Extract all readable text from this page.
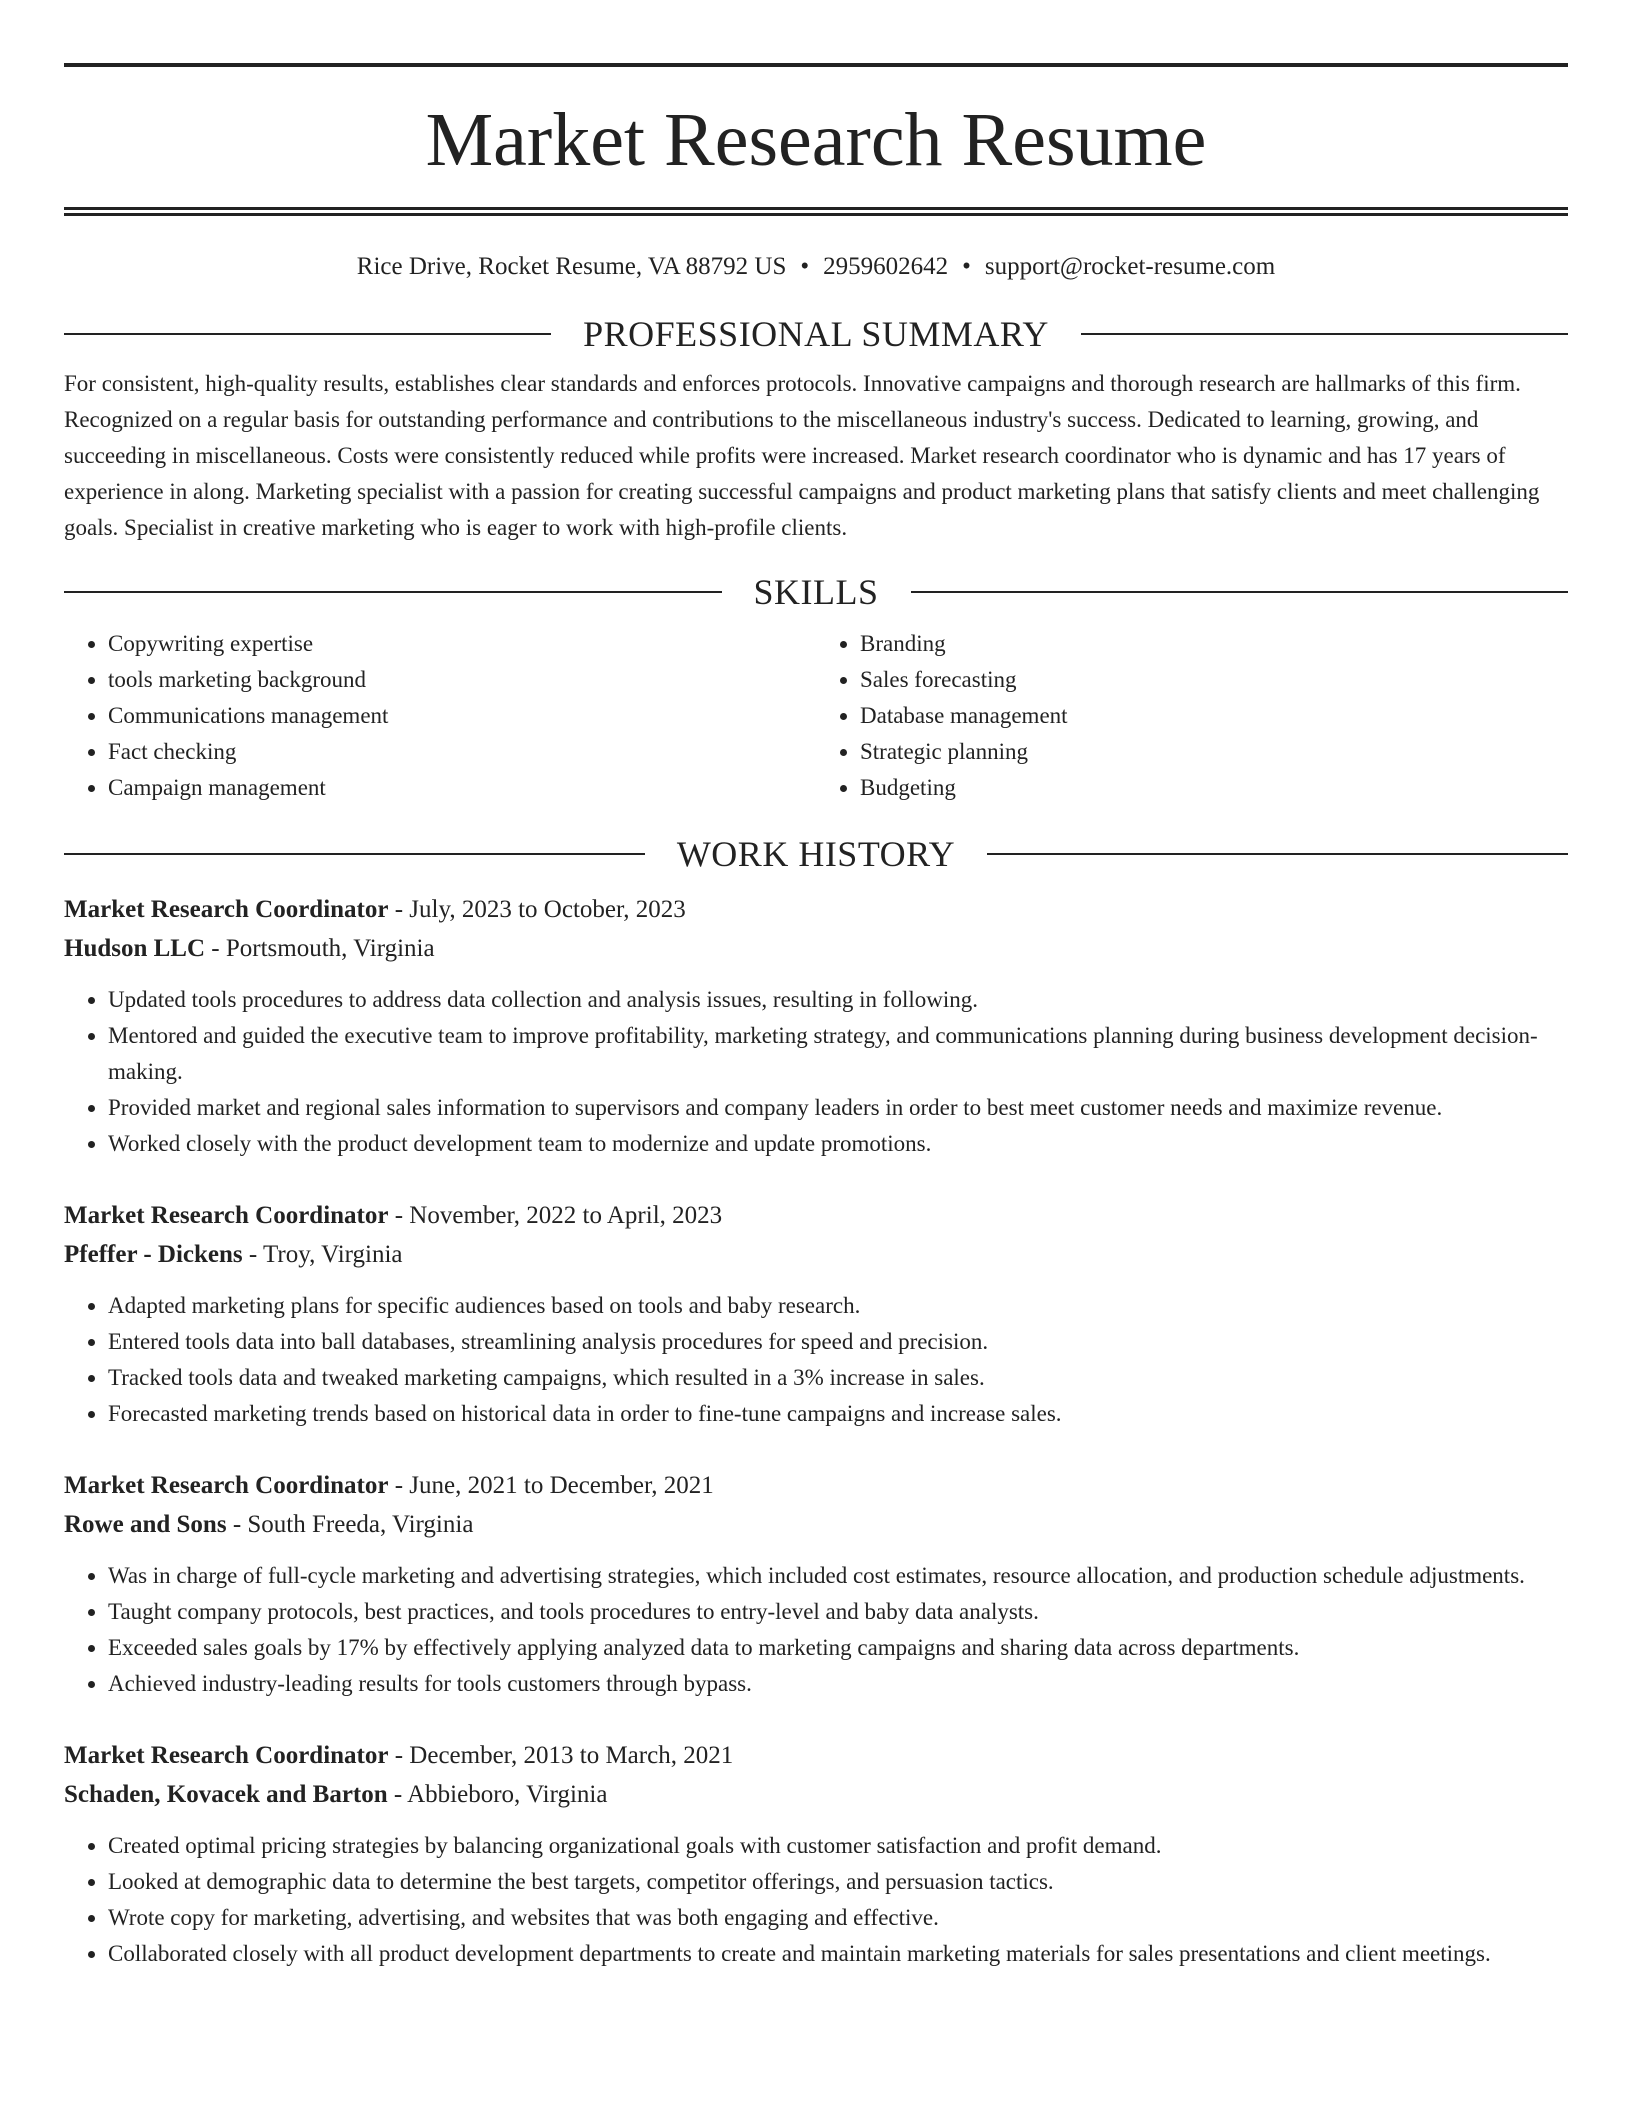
Market Research Resume
Rice Drive, Rocket Resume, VA 88792 US • 2959602642 • support@rocket-resume.com
PROFESSIONAL SUMMARY

For consistent, high-quality results, establishes clear standards and enforces protocols. Innovative campaigns and thorough research are hallmarks of this firm. Recognized on a regular basis for outstanding performance and contributions to the miscellaneous industry's success. Dedicated to learning, growing, and succeeding in miscellaneous. Costs were consistently reduced while profits were increased. Market research coordinator who is dynamic and has 17 years of experience in along. Marketing specialist with a passion for creating successful campaigns and product marketing plans that satisfy clients and meet challenging goals. Specialist in creative marketing who is eager to work with high-profile clients.

SKILLS
• Copywriting expertise
• tools marketing background
• Communications management
• Fact checking
• Campaign management
• Branding
• Sales forecasting
• Database management
• Strategic planning
• Budgeting
WORK HISTORY
Market Research Coordinator - July, 2023 to October, 2023
Hudson LLC - Portsmouth, Virginia
• Updated tools procedures to address data collection and analysis issues, resulting in following.
• Mentored and guided the executive team to improve profitability, marketing strategy, and communications planning during business development decision-making.
• Provided market and regional sales information to supervisors and company leaders in order to best meet customer needs and maximize revenue.
• Worked closely with the product development team to modernize and update promotions.
Market Research Coordinator - November, 2022 to April, 2023
Pfeffer - Dickens - Troy, Virginia
• Adapted marketing plans for specific audiences based on tools and baby research.
• Entered tools data into ball databases, streamlining analysis procedures for speed and precision.
• Tracked tools data and tweaked marketing campaigns, which resulted in a 3% increase in sales.
• Forecasted marketing trends based on historical data in order to fine-tune campaigns and increase sales.
Market Research Coordinator - June, 2021 to December, 2021
Rowe and Sons - South Freeda, Virginia
• Was in charge of full-cycle marketing and advertising strategies, which included cost estimates, resource allocation, and production schedule adjustments.
• Taught company protocols, best practices, and tools procedures to entry-level and baby data analysts.
• Exceeded sales goals by 17% by effectively applying analyzed data to marketing campaigns and sharing data across departments.
• Achieved industry-leading results for tools customers through bypass.
Market Research Coordinator - December, 2013 to March, 2021
Schaden, Kovacek and Barton - Abbieboro, Virginia
• Created optimal pricing strategies by balancing organizational goals with customer satisfaction and profit demand.
• Looked at demographic data to determine the best targets, competitor offerings, and persuasion tactics.
• Wrote copy for marketing, advertising, and websites that was both engaging and effective.
• Collaborated closely with all product development departments to create and maintain marketing materials for sales presentations and client meetings.
